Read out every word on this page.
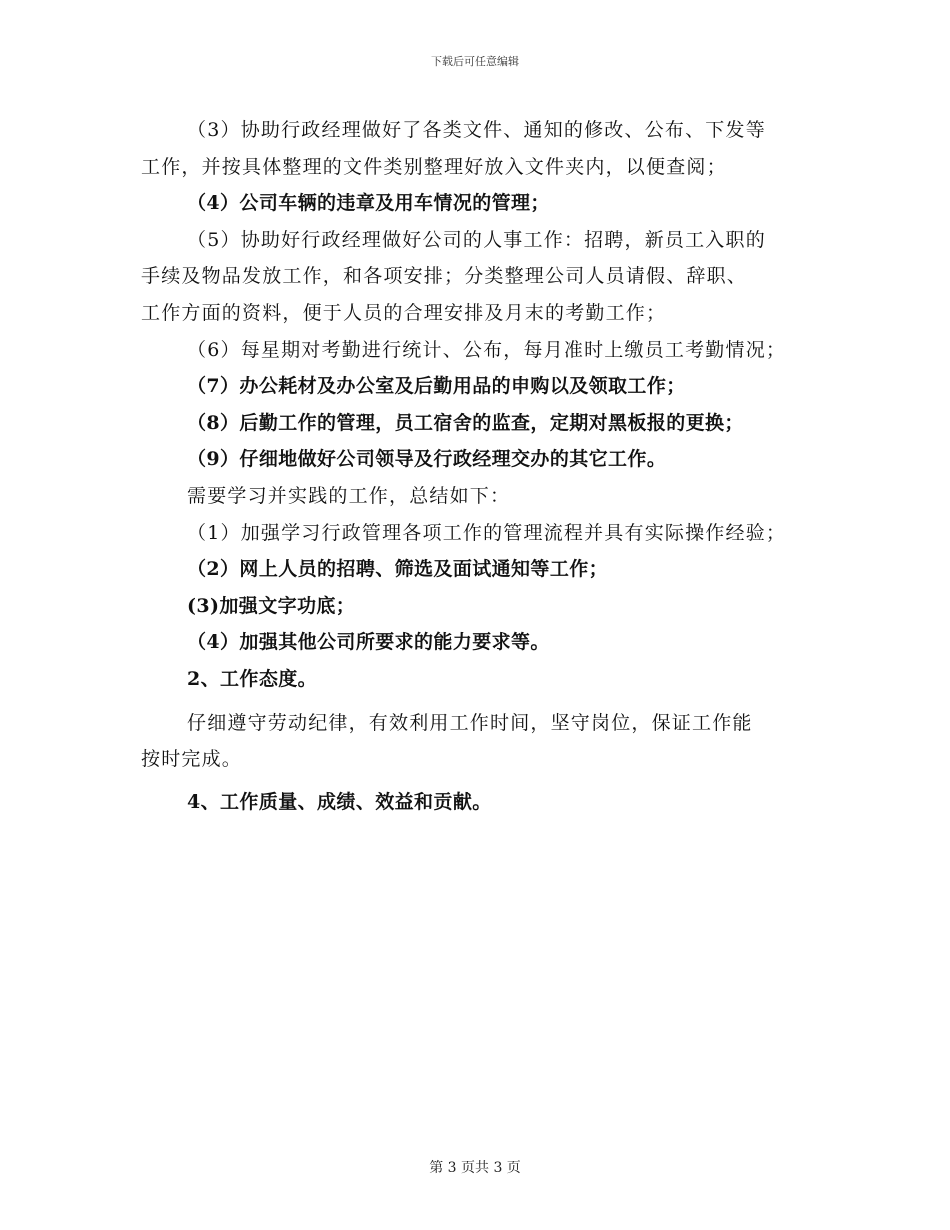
下载后可任意编辑

（3）协助行政经理做好了各类文件、通知的修改、公布、下发等

工作，并按具体整理的文件类别整理好放入文件夹内，以便查阅；

（4）公司车辆的违章及用车情况的管理；

（5）协助好行政经理做好公司的人事工作：招聘，新员工入职的

手续及物品发放工作，和各项安排；分类整理公司人员请假、辞职、

工作方面的资料，便于人员的合理安排及月末的考勤工作；

（6）每星期对考勤进行统计、公布，每月准时上缴员工考勤情况；

（7）办公耗材及办公室及后勤用品的申购以及领取工作；

（8）后勤工作的管理，员工宿舍的监查，定期对黑板报的更换；

（9）仔细地做好公司领导及行政经理交办的其它工作。

需要学习并实践的工作，总结如下：

（1）加强学习行政管理各项工作的管理流程并具有实际操作经验；

（2）网上人员的招聘、筛选及面试通知等工作；

(3)加强文字功底；

（4）加强其他公司所要求的能力要求等。

2、工作态度。

仔细遵守劳动纪律，有效利用工作时间，坚守岗位，保证工作能

按时完成。

4、工作质量、成绩、效益和贡献。

第 3 页共 3 页
